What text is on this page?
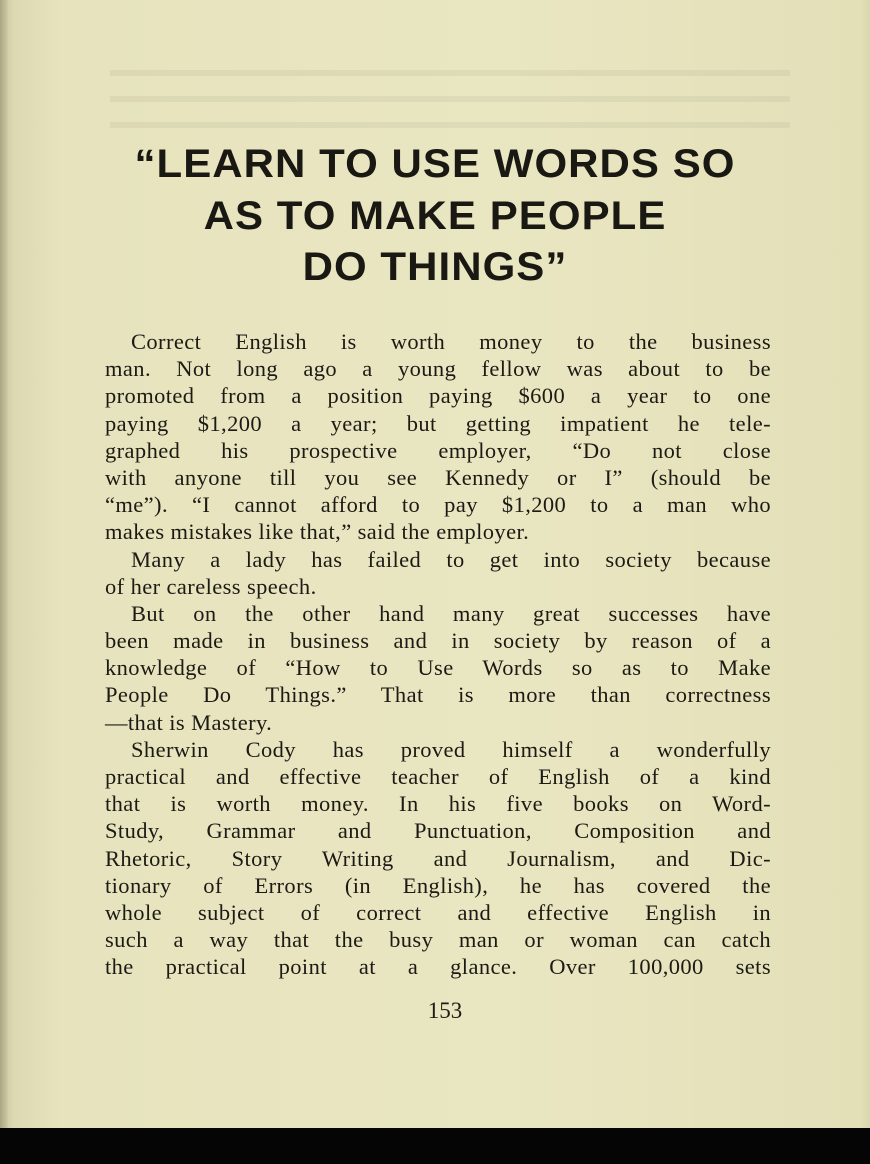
“LEARN TO USE WORDS SO
AS TO MAKE PEOPLE
DO THINGS”
Correct English is worth money to the business
man. Not long ago a young fellow was about to be
promoted from a position paying $600 a year to one
paying $1,200 a year; but getting impatient he tele-
graphed his prospective employer, “Do not close
with anyone till you see Kennedy or I” (should be
“me”). “I cannot afford to pay $1,200 to a man who
makes mistakes like that,” said the employer.
Many a lady has failed to get into society because
of her careless speech.
But on the other hand many great successes have
been made in business and in society by reason of a
knowledge of “How to Use Words so as to Make
People Do Things.” That is more than correctness
—that is Mastery.
Sherwin Cody has proved himself a wonderfully
practical and effective teacher of English of a kind
that is worth money. In his five books on Word-
Study, Grammar and Punctuation, Composition and
Rhetoric, Story Writing and Journalism, and Dic-
tionary of Errors (in English), he has covered the
whole subject of correct and effective English in
such a way that the busy man or woman can catch
the practical point at a glance. Over 100,000 sets
153
